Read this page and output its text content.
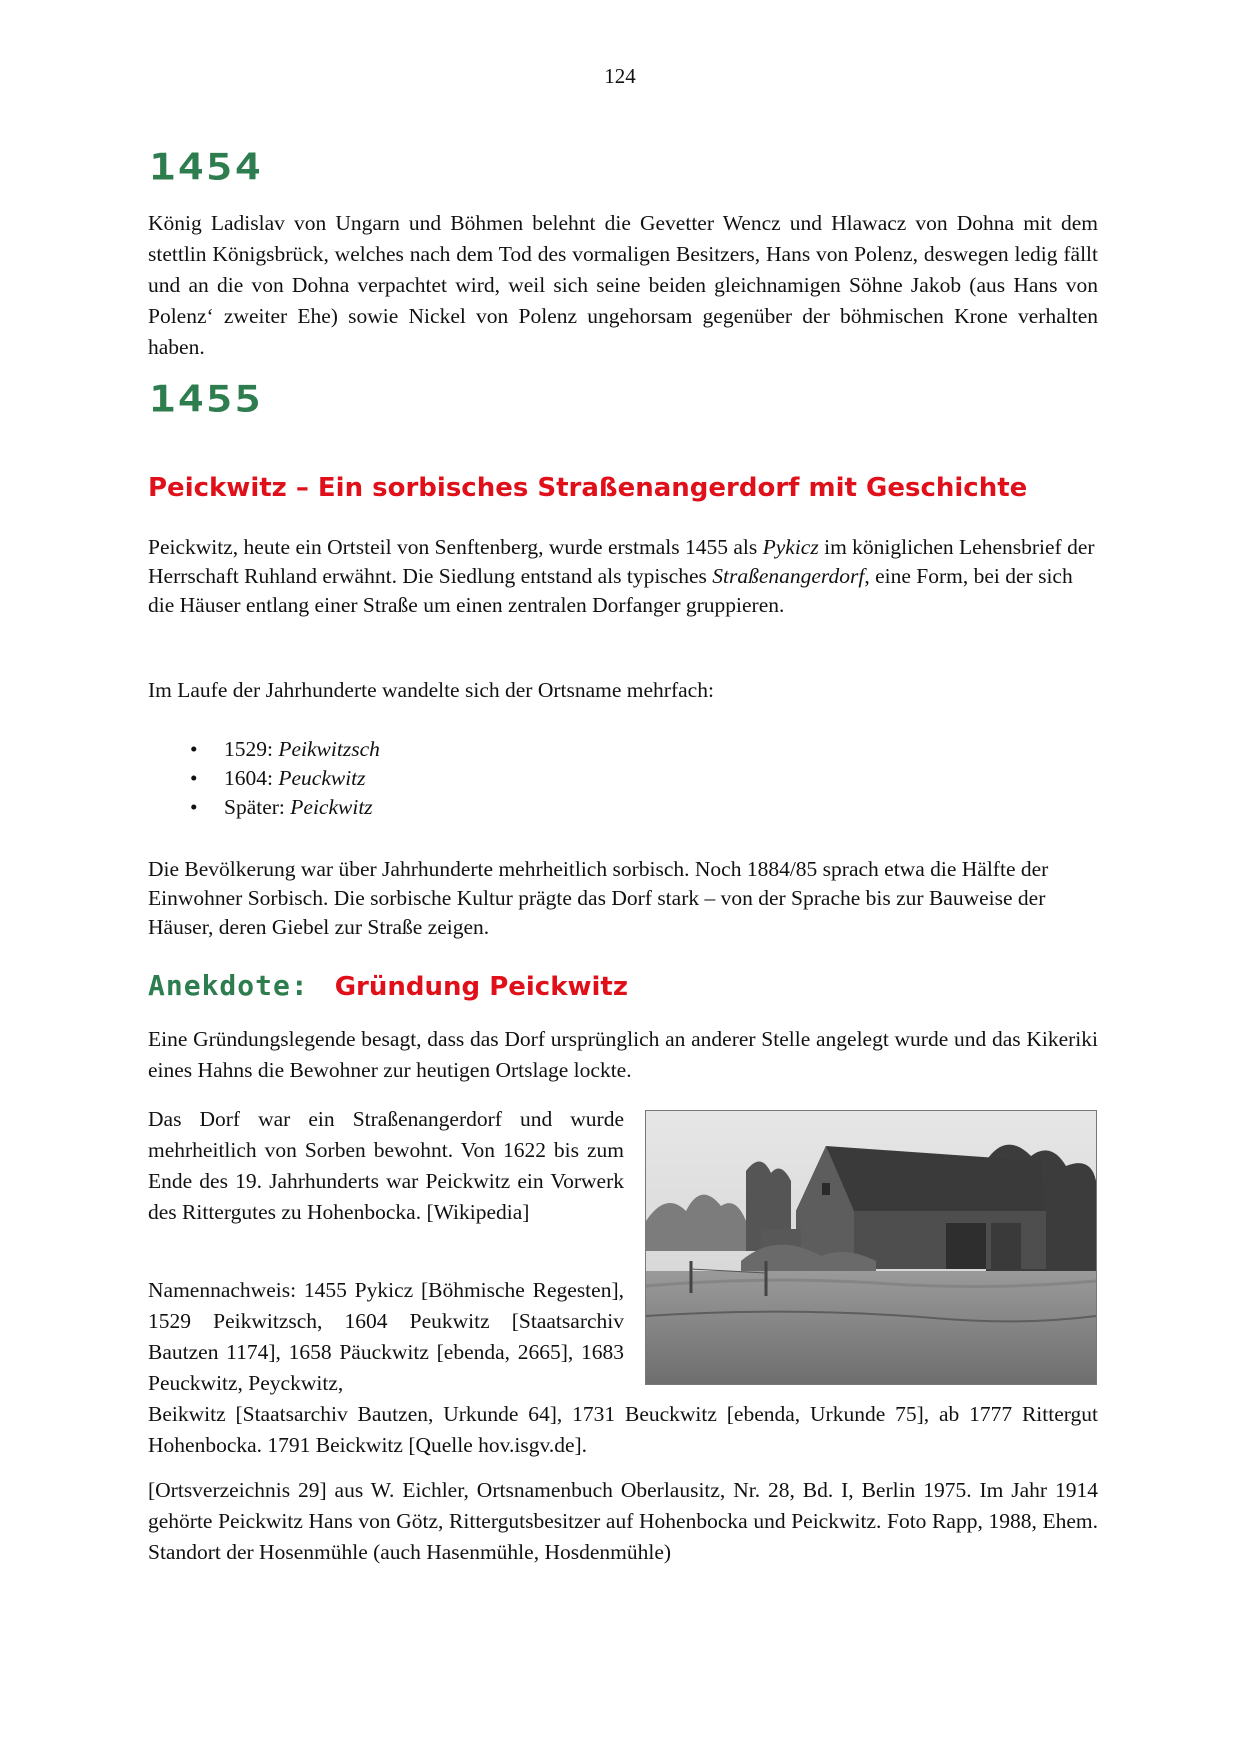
124
1454

König Ladislav von Ungarn und Böhmen belehnt die Gevetter Wencz und Hlawacz von Dohna mit dem stettlin Königsbrück, welches nach dem Tod des vormaligen Besitzers, Hans von Polenz, deswegen ledig fällt und an die von Dohna verpachtet wird, weil sich seine beiden gleichnamigen Söhne Jakob (aus Hans von Polenz‘ zweiter Ehe) sowie Nickel von Polenz ungehorsam gegenüber der böhmischen Krone verhalten haben.

1455
Peickwitz – Ein sorbisches Straßenangerdorf mit Geschichte

Peickwitz, heute ein Ortsteil von Senftenberg, wurde erstmals 1455 als Pykicz im königlichen Lehensbrief der Herrschaft Ruhland erwähnt. Die Siedlung entstand als typisches Straßenangerdorf, eine Form, bei der sich die Häuser entlang einer Straße um einen zentralen Dorfanger gruppieren.

Im Laufe der Jahrhunderte wandelte sich der Ortsname mehrfach:

• 1529: Peikwitzsch
• 1604: Peuckwitz
• Später: Peickwitz

Die Bevölkerung war über Jahrhunderte mehrheitlich sorbisch. Noch 1884/85 sprach etwa die Hälfte der Einwohner Sorbisch. Die sorbische Kultur prägte das Dorf stark – von der Sprache bis zur Bauweise der Häuser, deren Giebel zur Straße zeigen.

Anekdote: Gründung Peickwitz

Eine Gründungslegende besagt, dass das Dorf ursprünglich an anderer Stelle angelegt wurde und das Kikeriki eines Hahns die Bewohner zur heutigen Ortslage lockte.

Das Dorf war ein Straßenangerdorf und wurde mehrheitlich von Sorben bewohnt. Von 1622 bis zum Ende des 19. Jahrhunderts war Peickwitz ein Vorwerk des Rittergutes zu Hohenbocka. [Wikipedia]

Namennachweis: 1455 Pykicz [Böhmische Regesten], 1529 Peikwitzsch, 1604 Peukwitz [Staatsarchiv Bautzen 1174], 1658 Päuckwitz [ebenda, 2665], 1683 Peuckwitz, Peyckwitz,

Beikwitz [Staatsarchiv Bautzen, Urkunde 64], 1731 Beuckwitz [ebenda, Urkunde 75], ab 1777 Rittergut Hohenbocka. 1791 Beickwitz [Quelle hov.isgv.de].

[Ortsverzeichnis 29] aus W. Eichler, Ortsnamenbuch Oberlausitz, Nr. 28, Bd. I, Berlin 1975. Im Jahr 1914 gehörte Peickwitz Hans von Götz, Rittergutsbesitzer auf Hohenbocka und Peickwitz. Foto Rapp, 1988, Ehem. Standort der Hosenmühle (auch Hasenmühle, Hosdenmühle)
